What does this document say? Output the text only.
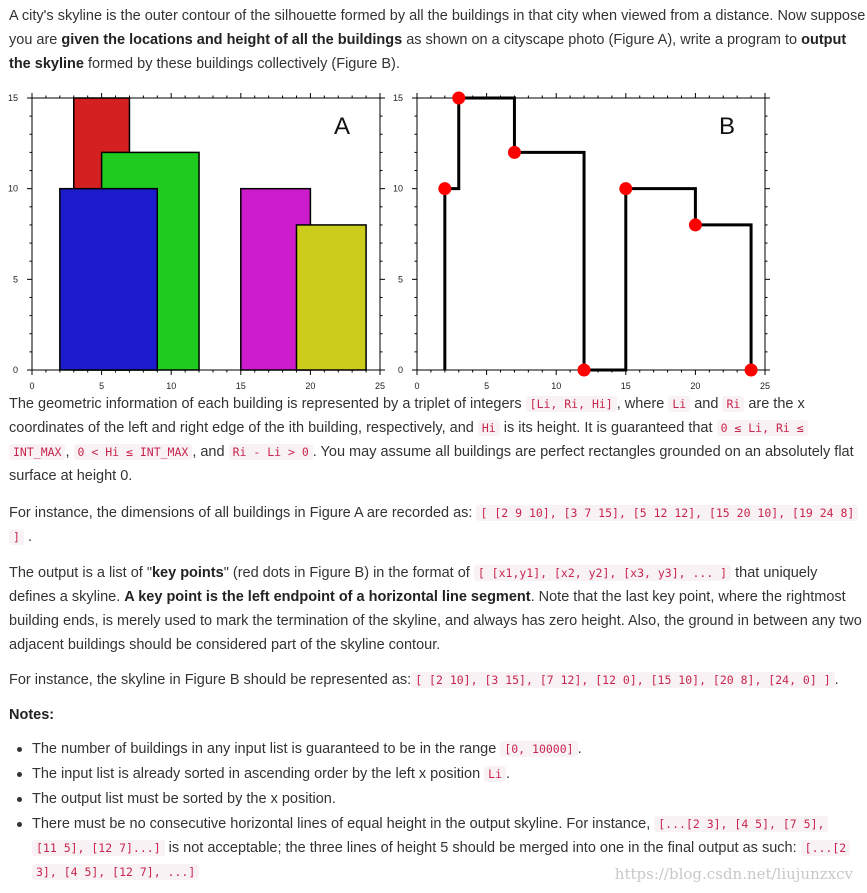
A city's skyline is the outer contour of the silhouette formed by all the buildings in that city when viewed from a distance. Now suppose
you are given the locations and height of all the buildings as shown on a cityscape photo (Figure A), write a program to output
the skyline formed by these buildings collectively (Figure B).
0	5	10	15	20	25
0
5
10
15
A
0	5	10	15	20	25
0
5
10
15
B
The geometric information of each building is represented by a triplet of integers [Li, Ri, Hi] , where Li and Ri are the x
coordinates of the left and right edge of the ith building, respectively, and Hi is its height. It is guaranteed that 0 ≤ Li, Ri ≤
INT_MAX , 0 < Hi ≤ INT_MAX , and Ri - Li > 0 . You may assume all buildings are perfect rectangles grounded on an absolutely flat
surface at height 0.
For instance, the dimensions of all buildings in Figure A are recorded as: [ [2 9 10], [3 7 15], [5 12 12], [15 20 10], [19 24 8]
] .
The output is a list of "key points" (red dots in Figure B) in the format of [ [x1,y1], [x2, y2], [x3, y3], ... ] that uniquely
defines a skyline. A key point is the left endpoint of a horizontal line segment. Note that the last key point, where the rightmost
building ends, is merely used to mark the termination of the skyline, and always has zero height. Also, the ground in between any two
adjacent buildings should be considered part of the skyline contour.
For instance, the skyline in Figure B should be represented as: [ [2 10], [3 15], [7 12], [12 0], [15 10], [20 8], [24, 0] ] .
Notes:
The number of buildings in any input list is guaranteed to be in the range [0, 10000] .
The input list is already sorted in ascending order by the left x position Li .
The output list must be sorted by the x position.
There must be no consecutive horizontal lines of equal height in the output skyline. For instance, [...[2 3], [4 5], [7 5],
[11 5], [12 7]...] is not acceptable; the three lines of height 5 should be merged into one in the final output as such: [...[2
3], [4 5], [12 7], ...]	https://blog.csdn.net/liujunzxcv
